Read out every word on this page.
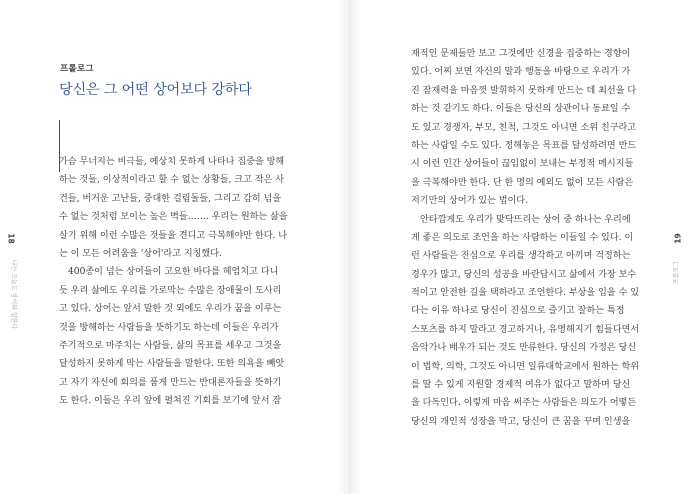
프롤로그
당신은 그 어떤 상어보다 강하다
가슴 무너지는 비극들, 예상치 못하게 나타나 집중을 방해
하는 것들, 이상적이라고 할 수 없는 상황들, 크고 작은 사
건들, 버거운 고난들, 중대한 걸림돌들, 그리고 감히 넘을
수 없는 것처럼 보이는 높은 벽들……. 우리는 원하는 삶을
살기 위해 이런 수많은 것들을 견디고 극복해야만 한다. 나
는 이 모든 어려움을 '상어'라고 지칭했다.
400종이 넘는 상어들이 고요한 바다를 헤엄치고 다니
듯 우리 삶에도 우리를 가로막는 수많은 장애물이 도사리
고 있다. 상어는 앞서 말한 것 외에도 우리가 꿈을 이루는
것을 방해하는 사람들을 뜻하기도 하는데 이들은 우리가
주기적으로 마주치는 사람들, 삶의 목표를 세우고 그것을
달성하지 못하게 막는 사람들을 말한다. 또한 의욕을 빼앗
고 자기 자신에 회의를 품게 만드는 반대론자들을 뜻하기
도 한다. 이들은 우리 앞에 펼쳐진 기회를 보기에 앞서 잠
18
나는 오늘도 상어와 일한다
재적인 문제들만 보고 그것에만 신경을 집중하는 경향이
있다. 어찌 보면 자신의 말과 행동을 바탕으로 우리가 가
진 잠재력을 마음껏 발휘하지 못하게 만드는 데 최선을 다
하는 것 같기도 하다. 이들은 당신의 상관이나 동료일 수
도 있고 경쟁자, 부모, 친척, 그것도 아니면 소위 친구라고
하는 사람일 수도 있다. 정해놓은 목표를 달성하려면 반드
시 이런 인간 상어들이 끊임없이 보내는 부정적 메시지들
을 극복해야만 한다. 단 한 명의 예외도 없이 모든 사람은
저기만의 상어가 있는 법이다.
안타깝게도 우리가 맞닥뜨리는 상어 중 하나는 우리에
게 좋은 의도로 조언을 하는 사람하는 이들일 수 있다. 이
런 사람들은 진심으로 우리를 생각하고 아끼며 걱정하는
경우가 많고, 당신의 성공을 바란답시고 삶에서 가장 보수
적이고 안전한 길을 택하라고 조언한다. 부상을 입을 수 있
다는 이유 하나로 당신이 진심으로 즐기고 잘하는 특정
스포츠를 하지 말라고 경고하거나, 유명해지기 힘들다면서
음악가나 배우가 되는 것도 만류한다. 당신의 가정은 당신
이 법학, 의학, 그것도 아니면 일류대학교에서 원하는 학위
를 딸 수 있게 지원할 경제적 여유가 없다고 말하며 당신
을 다독인다. 이렇게 마음 써주는 사람들은 의도가 어떻든
당신의 개인적 성장을 막고, 당신이 큰 꿈을 꾸며 인생을
19
프롤로그
